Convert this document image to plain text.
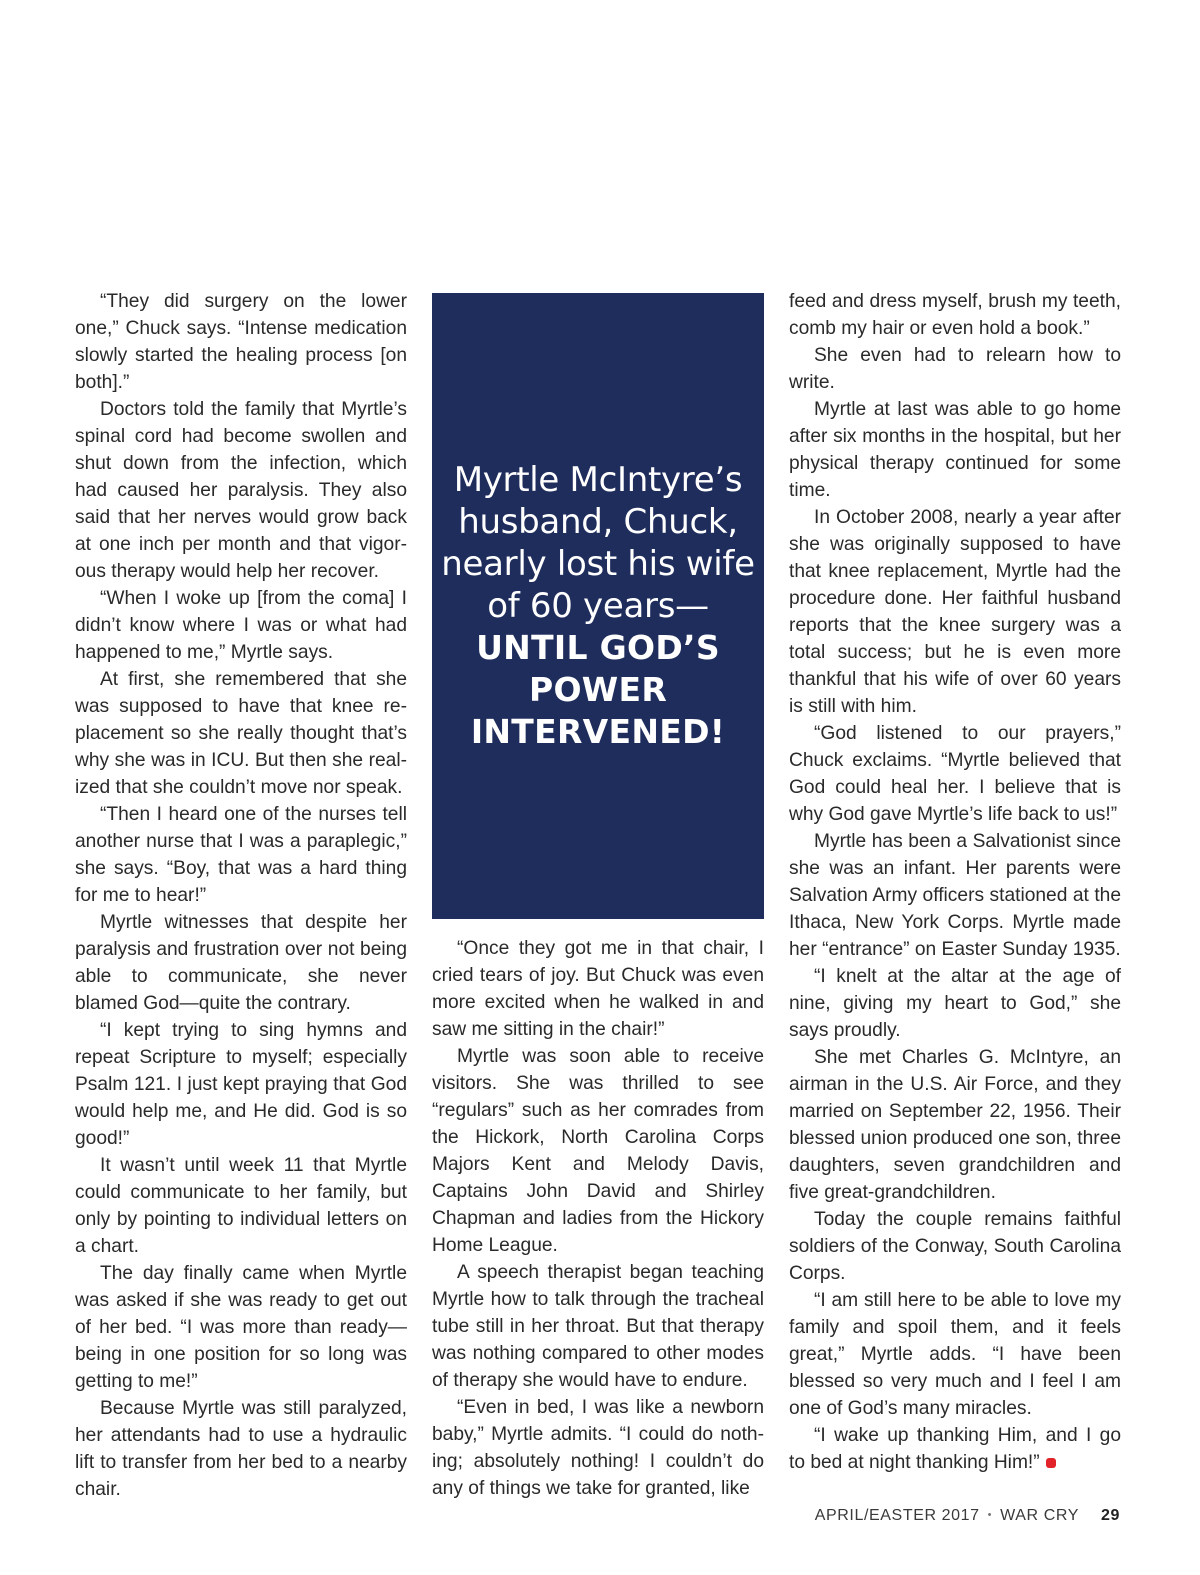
“They did surgery on the lower one,” Chuck says. “Intense medication slowly started the healing process [on both].”

Doctors told the family that Myrtle’s spinal cord had become swollen and shut down from the infection, which had caused her paralysis. They also said that her nerves would grow back at one inch per month and that vigorous therapy would help her recover.

“When I woke up [from the coma] I didn’t know where I was or what had happened to me,” Myrtle says.

At first, she remembered that she was supposed to have that knee replacement so she really thought that’s why she was in ICU. But then she realized that she couldn’t move nor speak.

“Then I heard one of the nurses tell another nurse that I was a paraplegic,” she says. “Boy, that was a hard thing for me to hear!”

Myrtle witnesses that despite her paralysis and frustration over not being able to communicate, she never blamed God—quite the contrary.

“I kept trying to sing hymns and repeat Scripture to myself; especially Psalm 121. I just kept praying that God would help me, and He did. God is so good!”

It wasn’t until week 11 that Myrtle could communicate to her family, but only by pointing to individual letters on a chart.

The day finally came when Myrtle was asked if she was ready to get out of her bed. “I was more than ready—being in one position for so long was getting to me!”

Because Myrtle was still paralyzed, her attendants had to use a hydraulic lift to transfer from her bed to a nearby chair.

Myrtle McIntyre’s
husband, Chuck,
nearly lost his wife
of 60 years—
UNTIL GOD’S
POWER
INTERVENED!

“Once they got me in that chair, I cried tears of joy. But Chuck was even more excited when he walked in and saw me sitting in the chair!”

Myrtle was soon able to receive visitors. She was thrilled to see “regulars” such as her comrades from the Hickork, North Carolina Corps Majors Kent and Melody Davis, Captains John David and Shirley Chapman and ladies from the Hickory Home League.

A speech therapist began teaching Myrtle how to talk through the tracheal tube still in her throat. But that therapy was nothing compared to other modes of therapy she would have to endure.

“Even in bed, I was like a newborn baby,” Myrtle admits. “I could do nothing; absolutely nothing! I couldn’t do any of things we take for granted, like

feed and dress myself, brush my teeth, comb my hair or even hold a book.”

She even had to relearn how to write.

Myrtle at last was able to go home after six months in the hospital, but her physical therapy continued for some time.

In October 2008, nearly a year after she was originally supposed to have that knee replacement, Myrtle had the procedure done. Her faithful husband reports that the knee surgery was a total success; but he is even more thankful that his wife of over 60 years is still with him.

“God listened to our prayers,” Chuck exclaims. “Myrtle believed that God could heal her. I believe that is why God gave Myrtle’s life back to us!”

Myrtle has been a Salvationist since she was an infant. Her parents were Salvation Army officers stationed at the Ithaca, New York Corps. Myrtle made her “entrance” on Easter Sunday 1935.

“I knelt at the altar at the age of nine, giving my heart to God,” she says proudly.

She met Charles G. McIntyre, an airman in the U.S. Air Force, and they married on September 22, 1956. Their blessed union produced one son, three daughters, seven grandchildren and five great-grandchildren.

Today the couple remains faithful soldiers of the Conway, South Carolina Corps.

“I am still here to be able to love my family and spoil them, and it feels great,” Myrtle adds. “I have been blessed so very much and I feel I am one of God’s many miracles.

“I wake up thanking Him, and I go to bed at night thanking Him!”

APRIL/EASTER 2017 • WAR CRY 29
